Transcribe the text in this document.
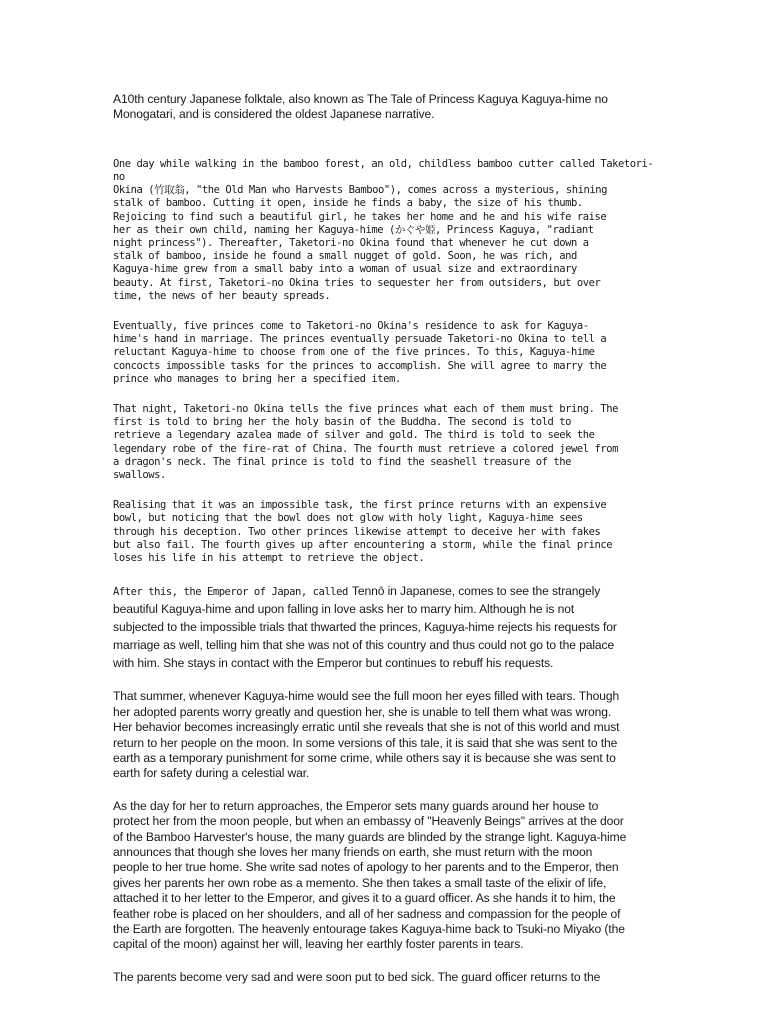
A10th century Japanese folktale, also known as The Tale of Princess Kaguya Kaguya-hime no
Monogatari, and is considered the oldest Japanese narrative.

One day while walking in the bamboo forest, an old, childless bamboo cutter called Taketori-no
Okina (竹取翁, "the Old Man who Harvests Bamboo"), comes across a mysterious, shining
stalk of bamboo. Cutting it open, inside he finds a baby, the size of his thumb.
Rejoicing to find such a beautiful girl, he takes her home and he and his wife raise
her as their own child, naming her Kaguya-hime (かぐや姫, Princess Kaguya, "radiant
night princess"). Thereafter, Taketori-no Okina found that whenever he cut down a
stalk of bamboo, inside he found a small nugget of gold. Soon, he was rich, and
Kaguya-hime grew from a small baby into a woman of usual size and extraordinary
beauty. At first, Taketori-no Okina tries to sequester her from outsiders, but over
time, the news of her beauty spreads.

Eventually, five princes come to Taketori-no Okina's residence to ask for Kaguya-
hime's hand in marriage. The princes eventually persuade Taketori-no Okina to tell a
reluctant Kaguya-hime to choose from one of the five princes. To this, Kaguya-hime
concocts impossible tasks for the princes to accomplish. She will agree to marry the
prince who manages to bring her a specified item.

That night, Taketori-no Okina tells the five princes what each of them must bring. The
first is told to bring her the holy basin of the Buddha. The second is told to
retrieve a legendary azalea made of silver and gold. The third is told to seek the
legendary robe of the fire-rat of China. The fourth must retrieve a colored jewel from
a dragon's neck. The final prince is told to find the seashell treasure of the
swallows.

Realising that it was an impossible task, the first prince returns with an expensive
bowl, but noticing that the bowl does not glow with holy light, Kaguya-hime sees
through his deception. Two other princes likewise attempt to deceive her with fakes
but also fail. The fourth gives up after encountering a storm, while the final prince
loses his life in his attempt to retrieve the object.

After this, the Emperor of Japan, called Tennō in Japanese, comes to see the strangely
beautiful Kaguya-hime and upon falling in love asks her to marry him. Although he is not
subjected to the impossible trials that thwarted the princes, Kaguya-hime rejects his requests for
marriage as well, telling him that she was not of this country and thus could not go to the palace
with him. She stays in contact with the Emperor but continues to rebuff his requests.

That summer, whenever Kaguya-hime would see the full moon her eyes filled with tears. Though
her adopted parents worry greatly and question her, she is unable to tell them what was wrong.
Her behavior becomes increasingly erratic until she reveals that she is not of this world and must
return to her people on the moon. In some versions of this tale, it is said that she was sent to the
earth as a temporary punishment for some crime, while others say it is because she was sent to
earth for safety during a celestial war.

As the day for her to return approaches, the Emperor sets many guards around her house to
protect her from the moon people, but when an embassy of "Heavenly Beings" arrives at the door
of the Bamboo Harvester's house, the many guards are blinded by the strange light. Kaguya-hime
announces that though she loves her many friends on earth, she must return with the moon
people to her true home. She write sad notes of apology to her parents and to the Emperor, then
gives her parents her own robe as a memento. She then takes a small taste of the elixir of life,
attached it to her letter to the Emperor, and gives it to a guard officer. As she hands it to him, the
feather robe is placed on her shoulders, and all of her sadness and compassion for the people of
the Earth are forgotten. The heavenly entourage takes Kaguya-hime back to Tsuki-no Miyako (the
capital of the moon) against her will, leaving her earthly foster parents in tears.

The parents become very sad and were soon put to bed sick. The guard officer returns to the
